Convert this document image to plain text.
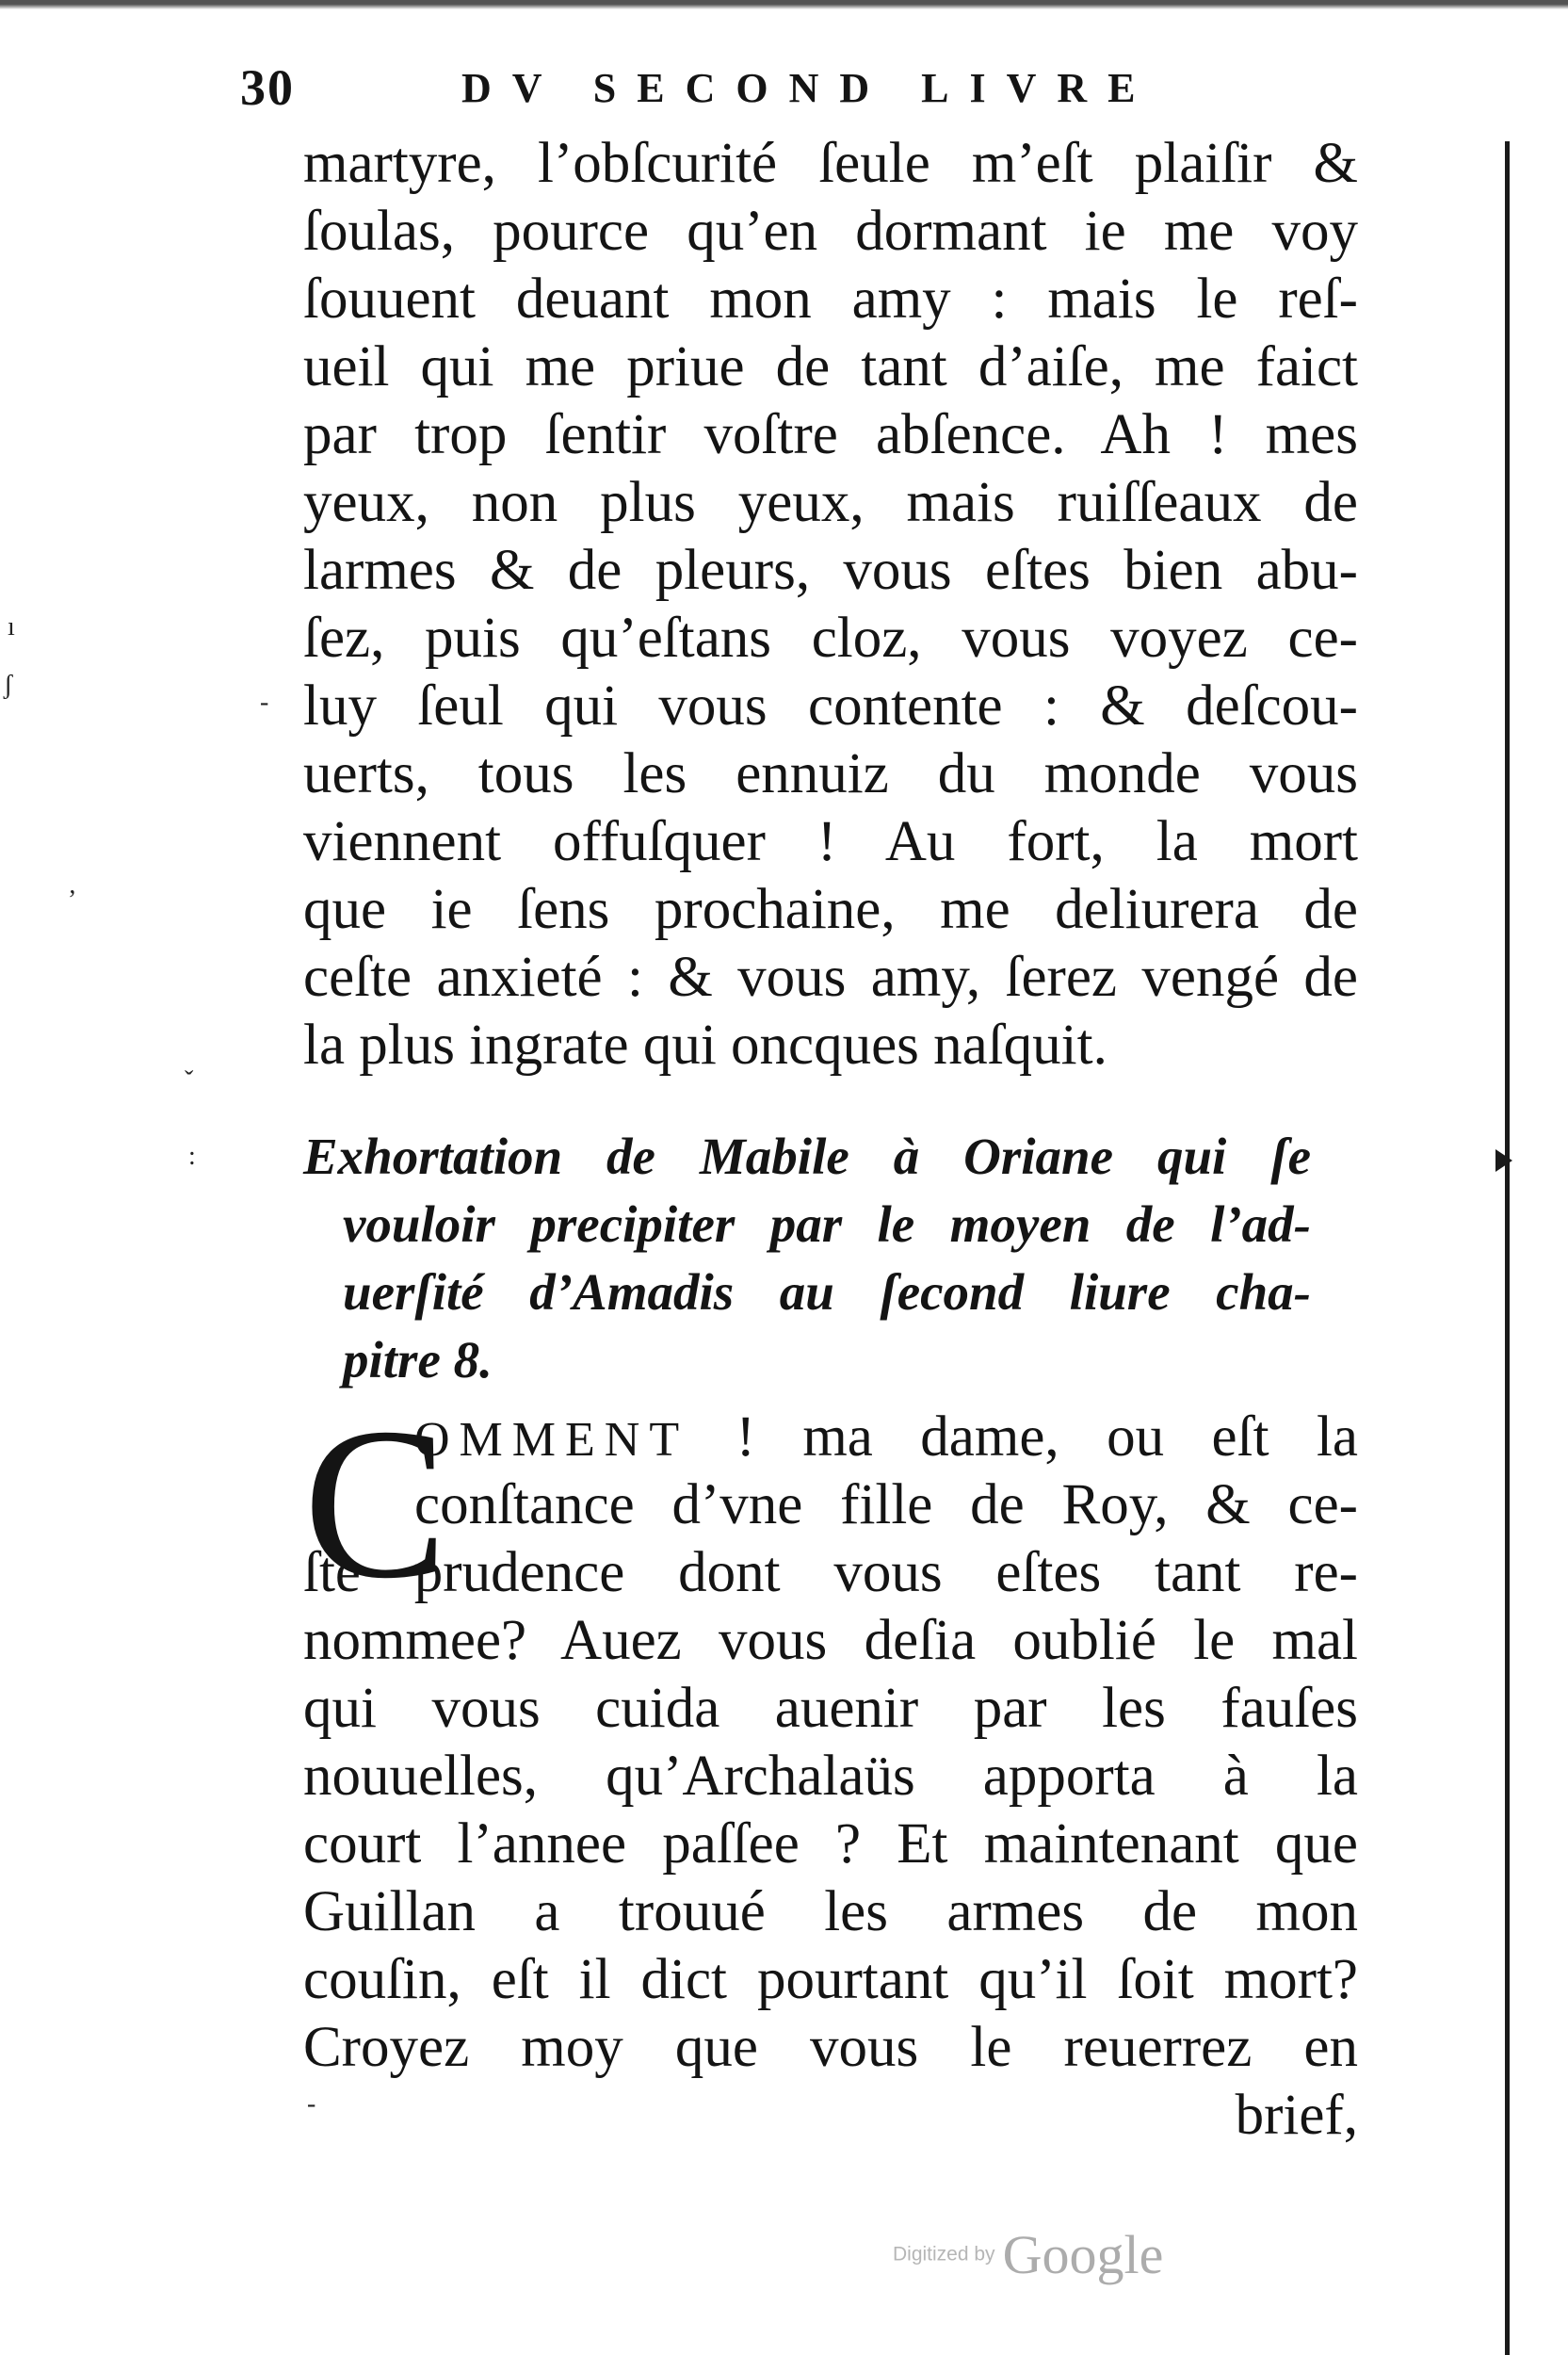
ı
ʃ
-
ʼ
ˇ
:
-
30	DV SECOND LIVRE
martyre, l’obſcurité ſeule m’eſt plaiſir &
ſoulas, pource qu’en dormant ie me voy
ſouuent deuant mon amy : mais le reſ-
ueil qui me priue de tant d’aiſe, me faict
par trop ſentir voſtre abſence. Ah ! mes
yeux, non plus yeux, mais ruiſſeaux de
larmes & de pleurs, vous eſtes bien abu-
ſez, puis qu’eſtans cloz, vous voyez ce-
luy ſeul qui vous contente : & deſcou-
uerts, tous les ennuiz du monde vous
viennent offuſquer ! Au fort, la mort
que ie ſens prochaine, me deliurera de
ceſte anxieté : & vous amy, ſerez vengé de
la plus ingrate qui oncques naſquit.
Exhortation de Mabile à Oriane qui ſe
vouloir precipiter par le moyen de l’ad-
uerſité d’Amadis au ſecond liure cha-
pitre 8.
C
OMMENT ! ma dame, ou eſt la
conſtance d’vne fille de Roy, & ce-
ſte prudence dont vous eſtes tant re-
nommee? Auez vous deſia oublié le mal
qui vous cuida auenir par les fauſes
nouuelles, qu’Archalaüs apporta à la
court l’annee paſſee ? Et maintenant que
Guillan a trouué les armes de mon
couſin, eſt il dict pourtant qu’il ſoit mort?
Croyez moy que vous le reuerrez en
brief,
Digitized by Google
